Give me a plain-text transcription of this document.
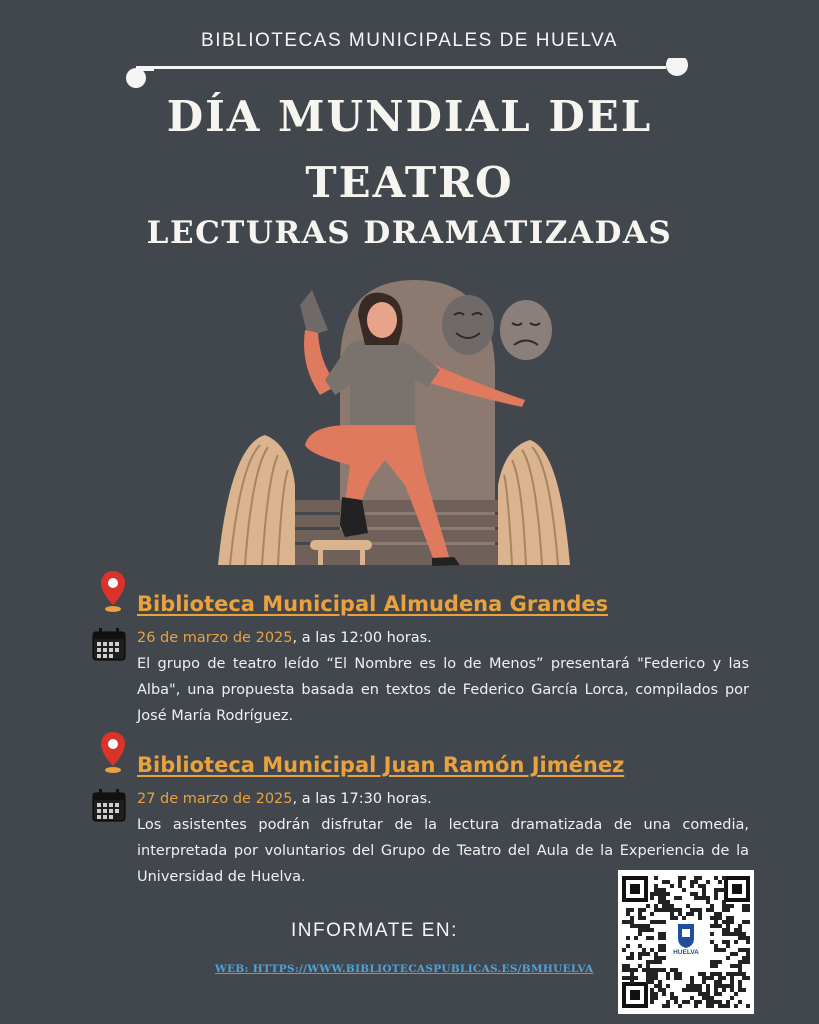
BIBLIOTECAS MUNICIPALES DE HUELVA
DÍA MUNDIAL DEL
TEATRO
LECTURAS DRAMATIZADAS
Biblioteca Municipal Almudena Grandes
26 de marzo de 2025, a las 12:00 horas.
El grupo de teatro leído “El Nombre es lo de Menos” presentará "Federico y las Alba", una propuesta basada en textos de Federico García Lorca, compilados por José María Rodríguez.
Biblioteca Municipal Juan Ramón Jiménez
27 de marzo de 2025, a las 17:30 horas.
Los asistentes podrán disfrutar de la lectura dramatizada de una comedia, interpretada por voluntarios del Grupo de Teatro del Aula de la Experiencia de la Universidad de Huelva.
INFORMATE EN:
WEB: HTTPS://WWW.BIBLIOTECASPUBLICAS.ES/BMHUELVA
HUELVA
